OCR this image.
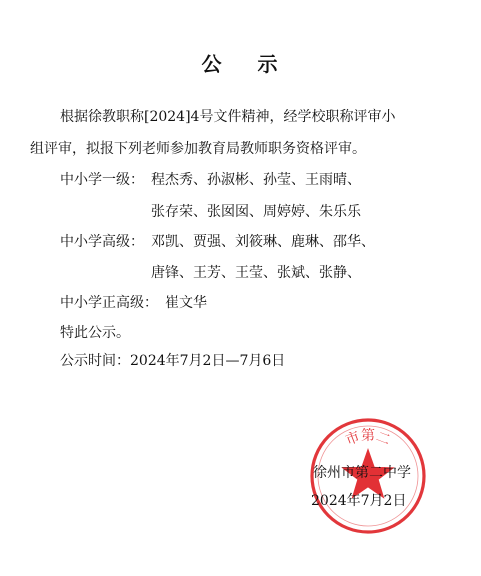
公 示
根据徐教职称[2024]4号文件精神，经学校职称评审小
组评审，拟报下列老师参加教育局教师职务资格评审。
中小学一级： 程杰秀、孙淑彬、孙莹、王雨晴、
张存荣、张囡囡、周婷婷、朱乐乐
中小学高级： 邓凯、贾强、刘筱琳、鹿琳、邵华、
唐锋、王芳、王莹、张斌、张静、
中小学正高级： 崔文华
特此公示。
公示时间：2024年7月2日—7月6日
市第二
徐州市第二中学
2024年7月2日
